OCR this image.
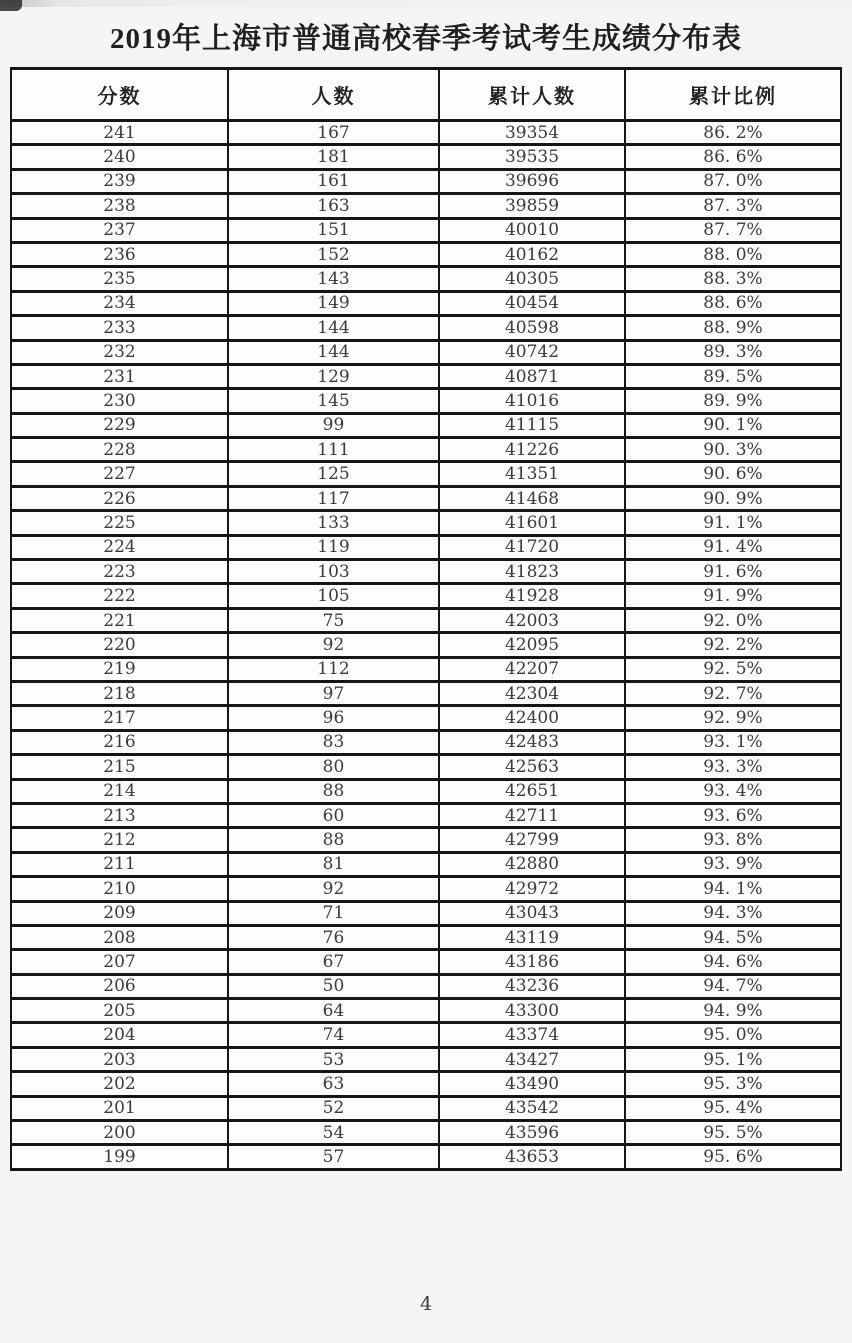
2019年上海市普通高校春季考试考生成绩分布表
分数	人数	累计人数	累计比例
241	167	39354	86. 2%
240	181	39535	86. 6%
239	161	39696	87. 0%
238	163	39859	87. 3%
237	151	40010	87. 7%
236	152	40162	88. 0%
235	143	40305	88. 3%
234	149	40454	88. 6%
233	144	40598	88. 9%
232	144	40742	89. 3%
231	129	40871	89. 5%
230	145	41016	89. 9%
229	99	41115	90. 1%
228	111	41226	90. 3%
227	125	41351	90. 6%
226	117	41468	90. 9%
225	133	41601	91. 1%
224	119	41720	91. 4%
223	103	41823	91. 6%
222	105	41928	91. 9%
221	75	42003	92. 0%
220	92	42095	92. 2%
219	112	42207	92. 5%
218	97	42304	92. 7%
217	96	42400	92. 9%
216	83	42483	93. 1%
215	80	42563	93. 3%
214	88	42651	93. 4%
213	60	42711	93. 6%
212	88	42799	93. 8%
211	81	42880	93. 9%
210	92	42972	94. 1%
209	71	43043	94. 3%
208	76	43119	94. 5%
207	67	43186	94. 6%
206	50	43236	94. 7%
205	64	43300	94. 9%
204	74	43374	95. 0%
203	53	43427	95. 1%
202	63	43490	95. 3%
201	52	43542	95. 4%
200	54	43596	95. 5%
199	57	43653	95. 6%
4
